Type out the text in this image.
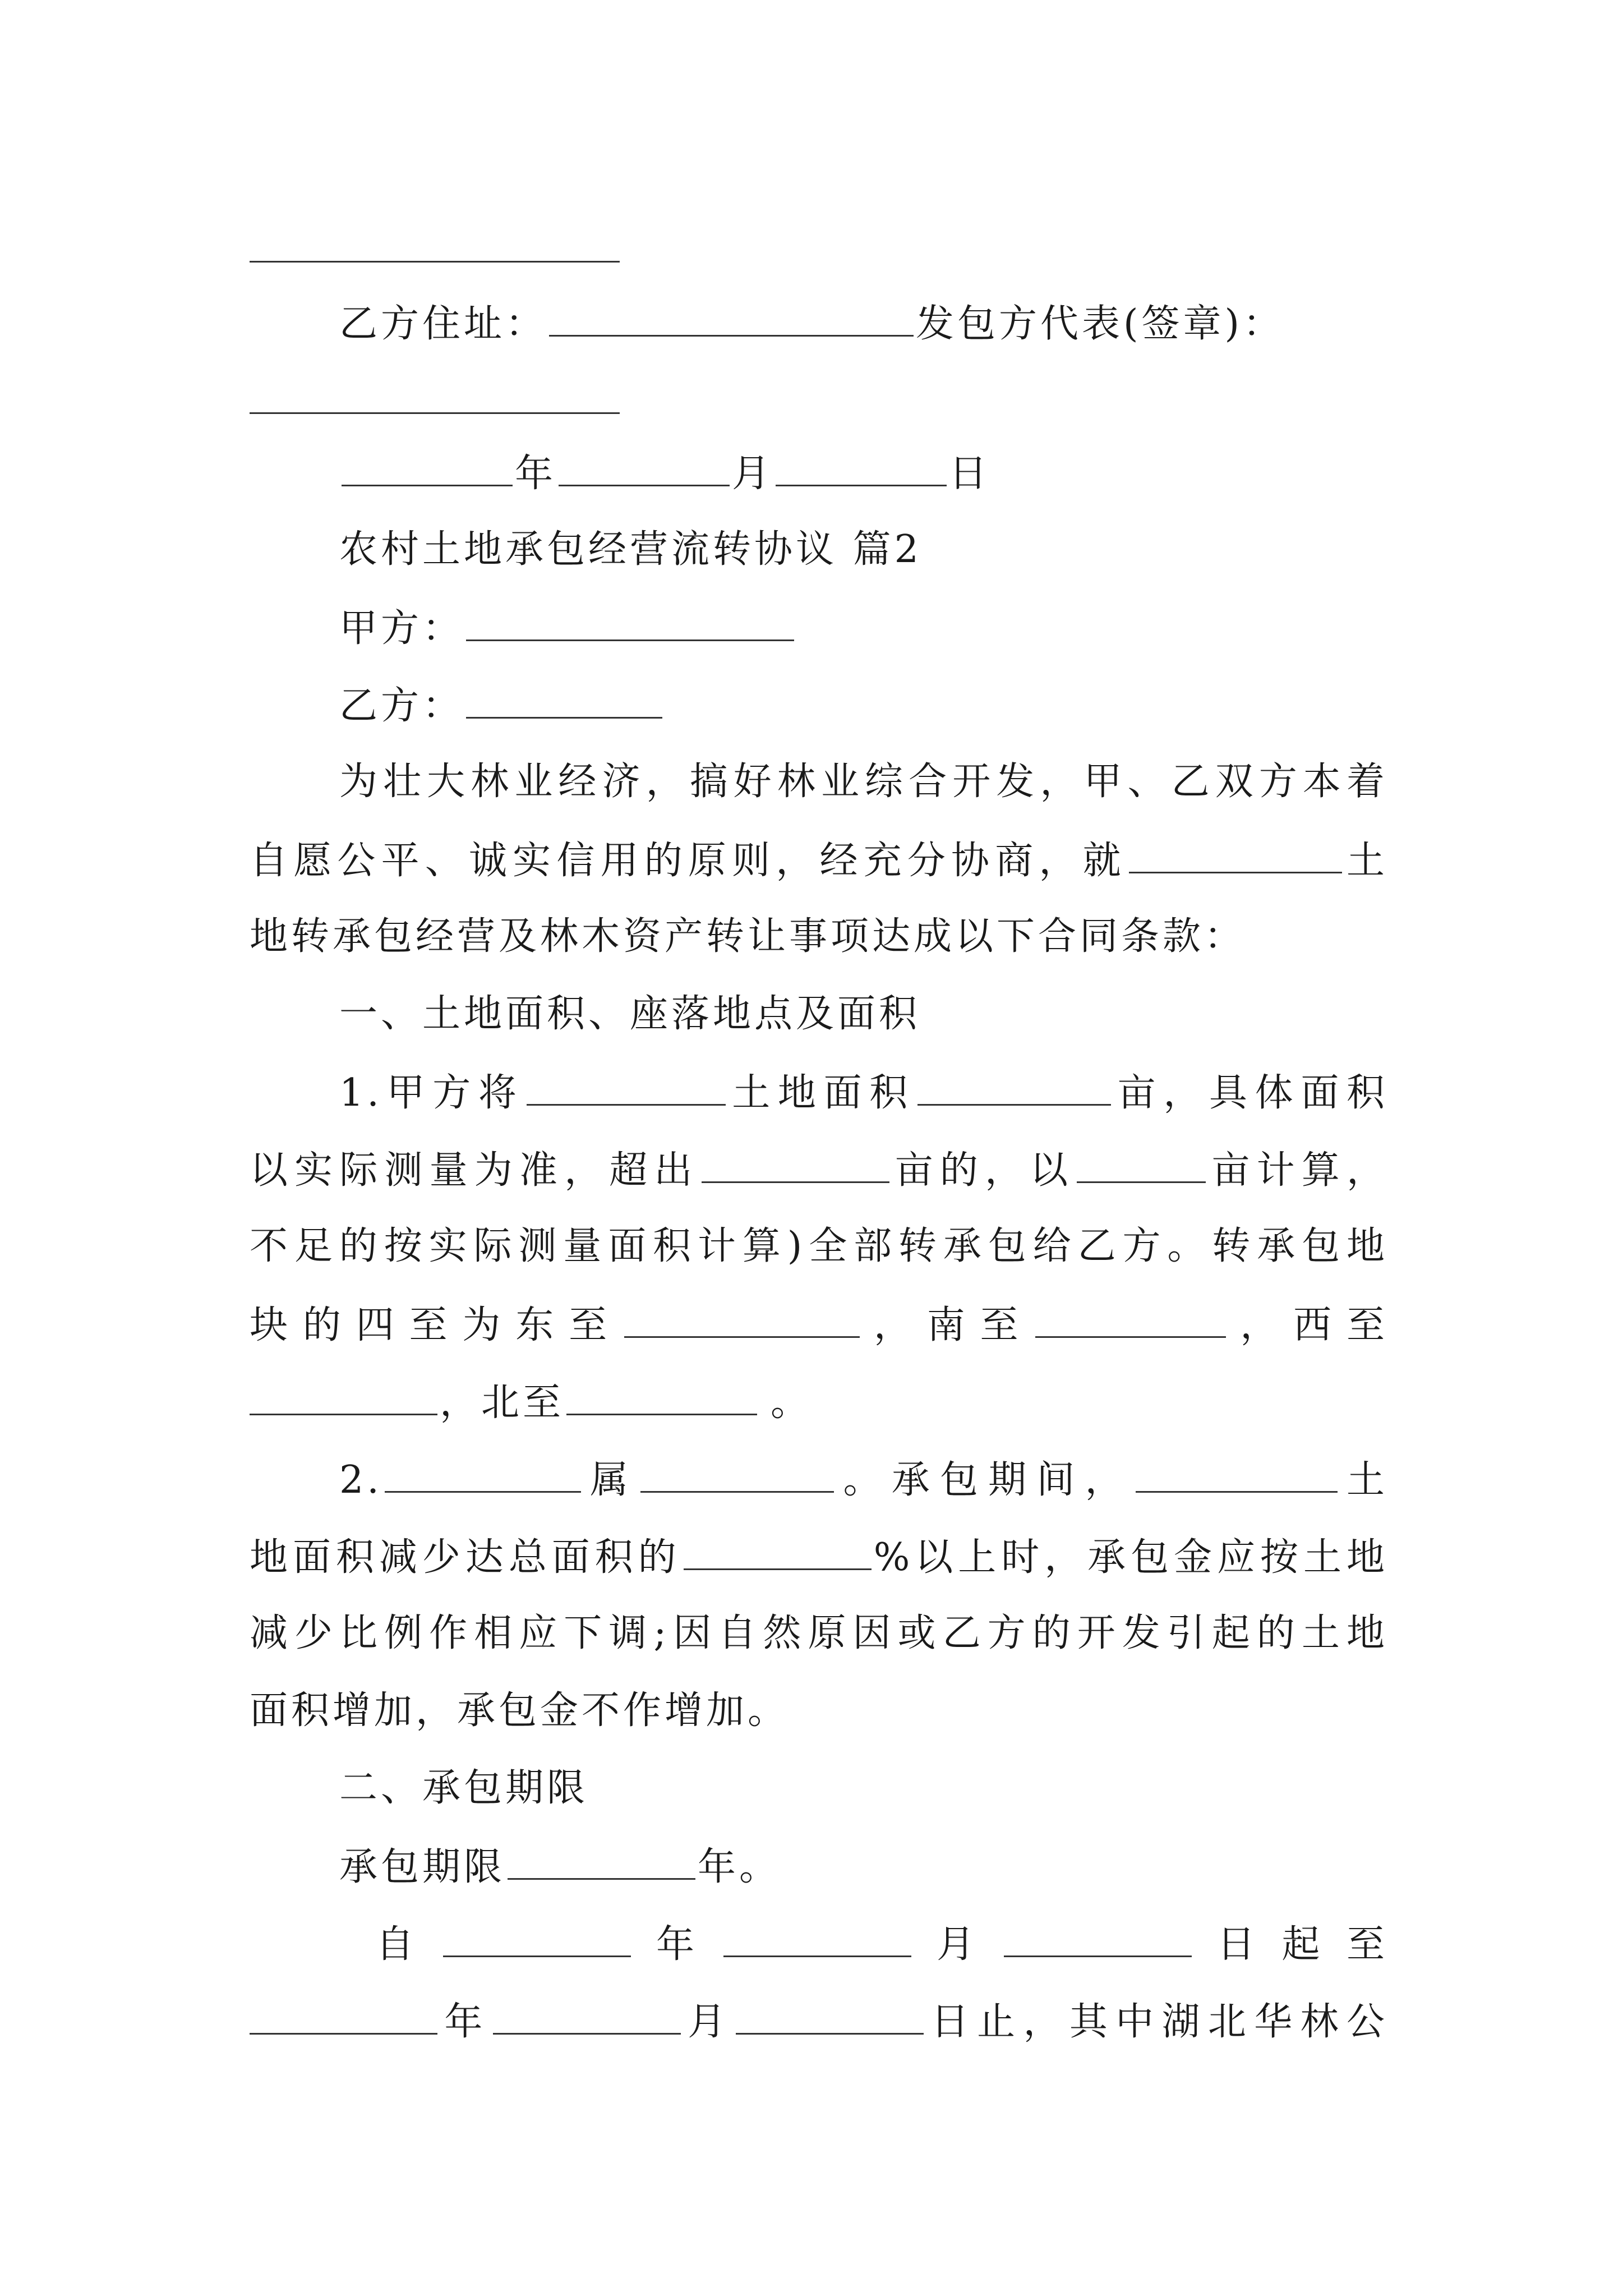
乙方住址：	发包方代表(签章)：
年	月	日
农村土地承包经营流转协议 篇2
甲方：
乙方：
为壮大林业经济，搞好林业综合开发，甲、乙双方本着
自愿公平、诚实信用的原则，经充分协商，就	土
地转承包经营及林木资产转让事项达成以下合同条款：
一、土地面积、座落地点及面积
1.甲方将	土地面积	亩，具体面积
以实际测量为准，超出	亩的，以	亩计算，
不足的按实际测量面积计算)全部转承包给乙方。转承包地
块的四至为东至	，南至	，西至
，北至	。
2.	属	。承包期间，	土
地面积减少达总面积的	%以上时，承包金应按土地
减少比例作相应下调;因自然原因或乙方的开发引起的土地
面积增加，承包金不作增加。
二、承包期限
承包期限	年。
自	年	月	日起至
年	月	日止，其中湖北华林公
